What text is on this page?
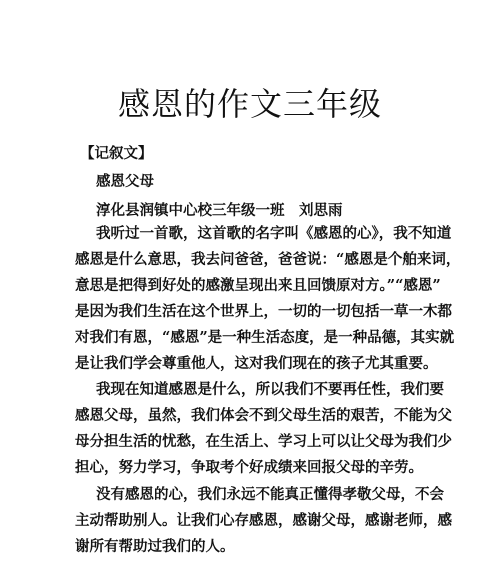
感恩的作文三年级
【记叙文】
感恩父母
淳化县润镇中心校三年级一班　刘思雨
我听过一首歌，这首歌的名字叫《感恩的心》，我不知道
感恩是什么意思，我去问爸爸，爸爸说：“感恩是个舶来词，
意思是把得到好处的感激呈现出来且回馈原对方。”“感恩”
是因为我们生活在这个世界上，一切的一切包括一草一木都
对我们有恩，“感恩”是一种生活态度，是一种品德，其实就
是让我们学会尊重他人，这对我们现在的孩子尤其重要。
我现在知道感恩是什么，所以我们不要再任性，我们要
感恩父母，虽然，我们体会不到父母生活的艰苦，不能为父
母分担生活的忧愁，在生活上、学习上可以让父母为我们少
担心，努力学习，争取考个好成绩来回报父母的辛劳。
没有感恩的心，我们永远不能真正懂得孝敬父母，不会
主动帮助别人。让我们心存感恩，感谢父母，感谢老师，感
谢所有帮助过我们的人。
